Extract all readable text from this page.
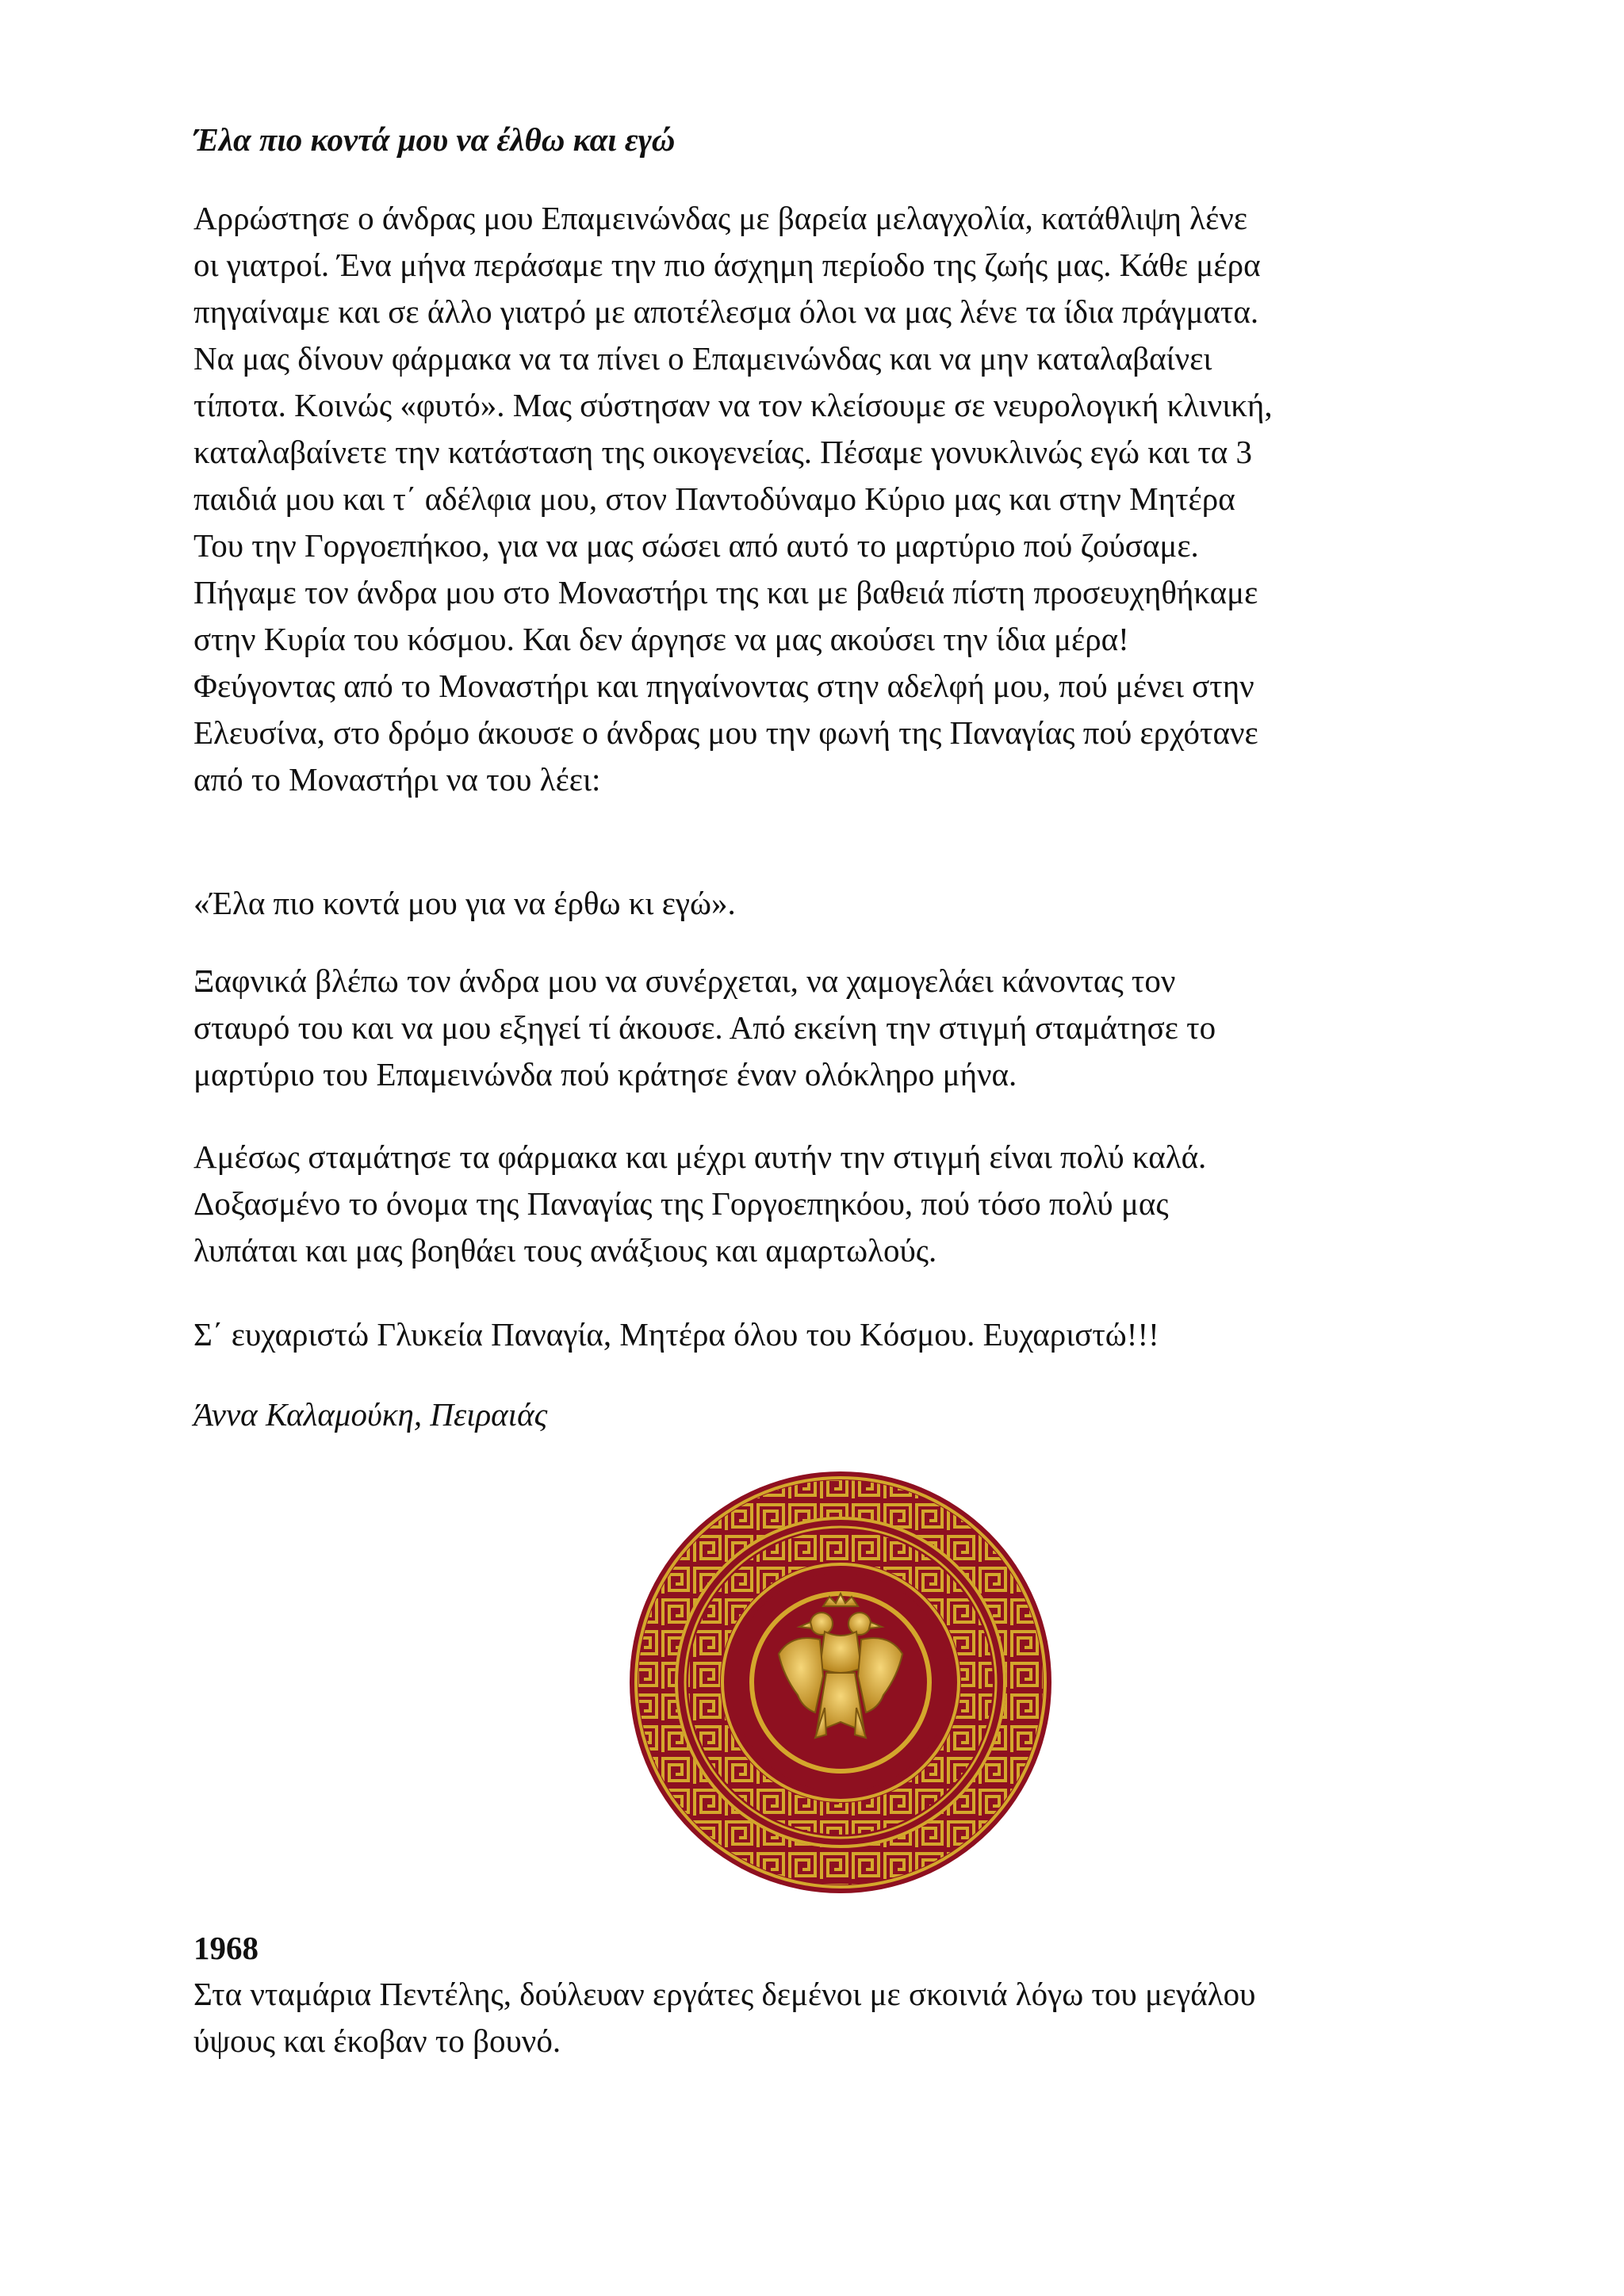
Έλα πιο κοντά μου να έλθω και εγώ

Αρρώστησε ο άνδρας μου Επαμεινώνδας με βαρεία μελαγχολία, κατάθλιψη λένε
οι γιατροί. Ένα μήνα περάσαμε την πιο άσχημη περίοδο της ζωής μας. Κάθε μέρα
πηγαίναμε και σε άλλο γιατρό με αποτέλεσμα όλοι να μας λένε τα ίδια πράγματα.
Να μας δίνουν φάρμακα να τα πίνει ο Επαμεινώνδας και να μην καταλαβαίνει
τίποτα. Κοινώς «φυτό». Μας σύστησαν να τον κλείσουμε σε νευρολογική κλινική,
καταλαβαίνετε την κατάσταση της οικογενείας. Πέσαμε γονυκλινώς εγώ και τα 3
παιδιά μου και τ΄ αδέλφια μου, στον Παντοδύναμο Κύριο μας και στην Μητέρα
Του την Γοργοεπήκοο, για να μας σώσει από αυτό το μαρτύριο πού ζούσαμε.
Πήγαμε τον άνδρα μου στο Μοναστήρι της και με βαθειά πίστη προσευχηθήκαμε
στην Κυρία του κόσμου. Και δεν άργησε να μας ακούσει την ίδια μέρα!
Φεύγοντας από το Μοναστήρι και πηγαίνοντας στην αδελφή μου, πού μένει στην
Ελευσίνα, στο δρόμο άκουσε ο άνδρας μου την φωνή της Παναγίας πού ερχότανε
από το Μοναστήρι να του λέει:

«Έλα πιο κοντά μου για να έρθω κι εγώ».

Ξαφνικά βλέπω τον άνδρα μου να συνέρχεται, να χαμογελάει κάνοντας τον
σταυρό του και να μου εξηγεί τί άκουσε. Από εκείνη την στιγμή σταμάτησε το
μαρτύριο του Επαμεινώνδα πού κράτησε έναν ολόκληρο μήνα.

Αμέσως σταμάτησε τα φάρμακα και μέχρι αυτήν την στιγμή είναι πολύ καλά.
Δοξασμένο το όνομα της Παναγίας της Γοργοεπηκόου, πού τόσο πολύ μας
λυπάται και μας βοηθάει τους ανάξιους και αμαρτωλούς.

Σ΄ ευχαριστώ Γλυκεία Παναγία, Μητέρα όλου του Κόσμου. Ευχαριστώ!!!

Άννα Καλαμούκη, Πειραιάς
1968

Στα νταμάρια Πεντέλης, δούλευαν εργάτες δεμένοι με σκοινιά λόγω του μεγάλου
ύψους και έκοβαν το βουνό.
